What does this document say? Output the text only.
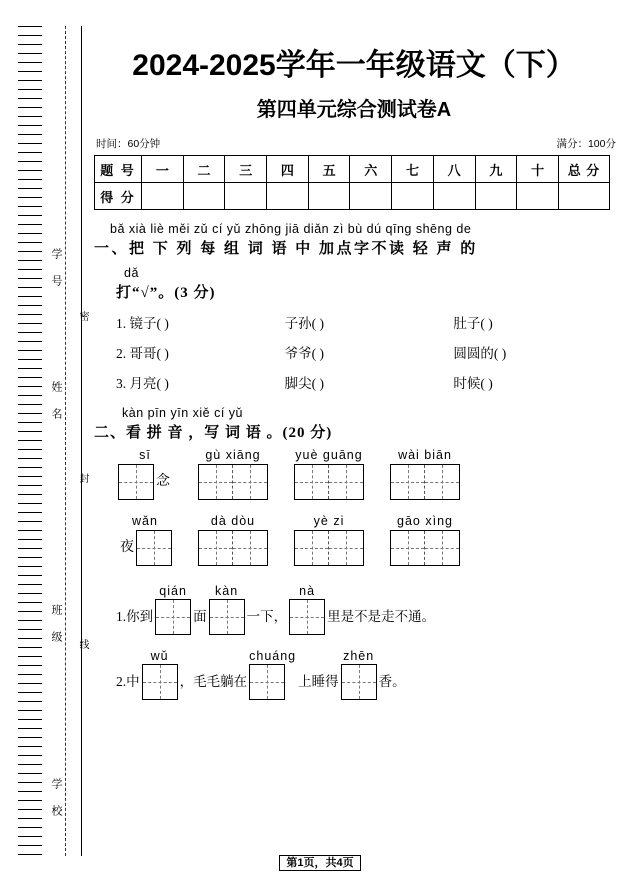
学 号
姓 名
班 级
学 校
密
封
线
2024-2025学年一年级语文（下）
第四单元综合测试卷A
时间：60分钟	满分：100分
题 号	一	二	三	四	五	六	七	八	九	十	总 分
得 分											
bǎ xià liè měi zǔ cí yǔ zhōng jiā diǎn zì bù dú qīng shēng de
一、把 下 列 每 组 词 语 中 加点字不读 轻 声 的
dǎ
打“√”。(3 分)
1. 镜子( )	子孙( )	肚子( )
2. 哥哥( )	爷爷( )	圆圆的( )
3. 月亮( )	脚尖( )	时候( )
kàn pīn yīn xiě cí yǔ
二、看 拼 音 ，写 词 语 。(20 分)
sī
念
gù xiāng	yuè guāng	wài biān
wǎn
夜
dà dòu	yè zi	gāo xìng
1. 你到
qián
面
kàn
一下，
nà
里是不是走不通。
2. 中
wǔ
，毛毛躺在
chuáng
上睡得
zhēn
香。
第1页，共4页
